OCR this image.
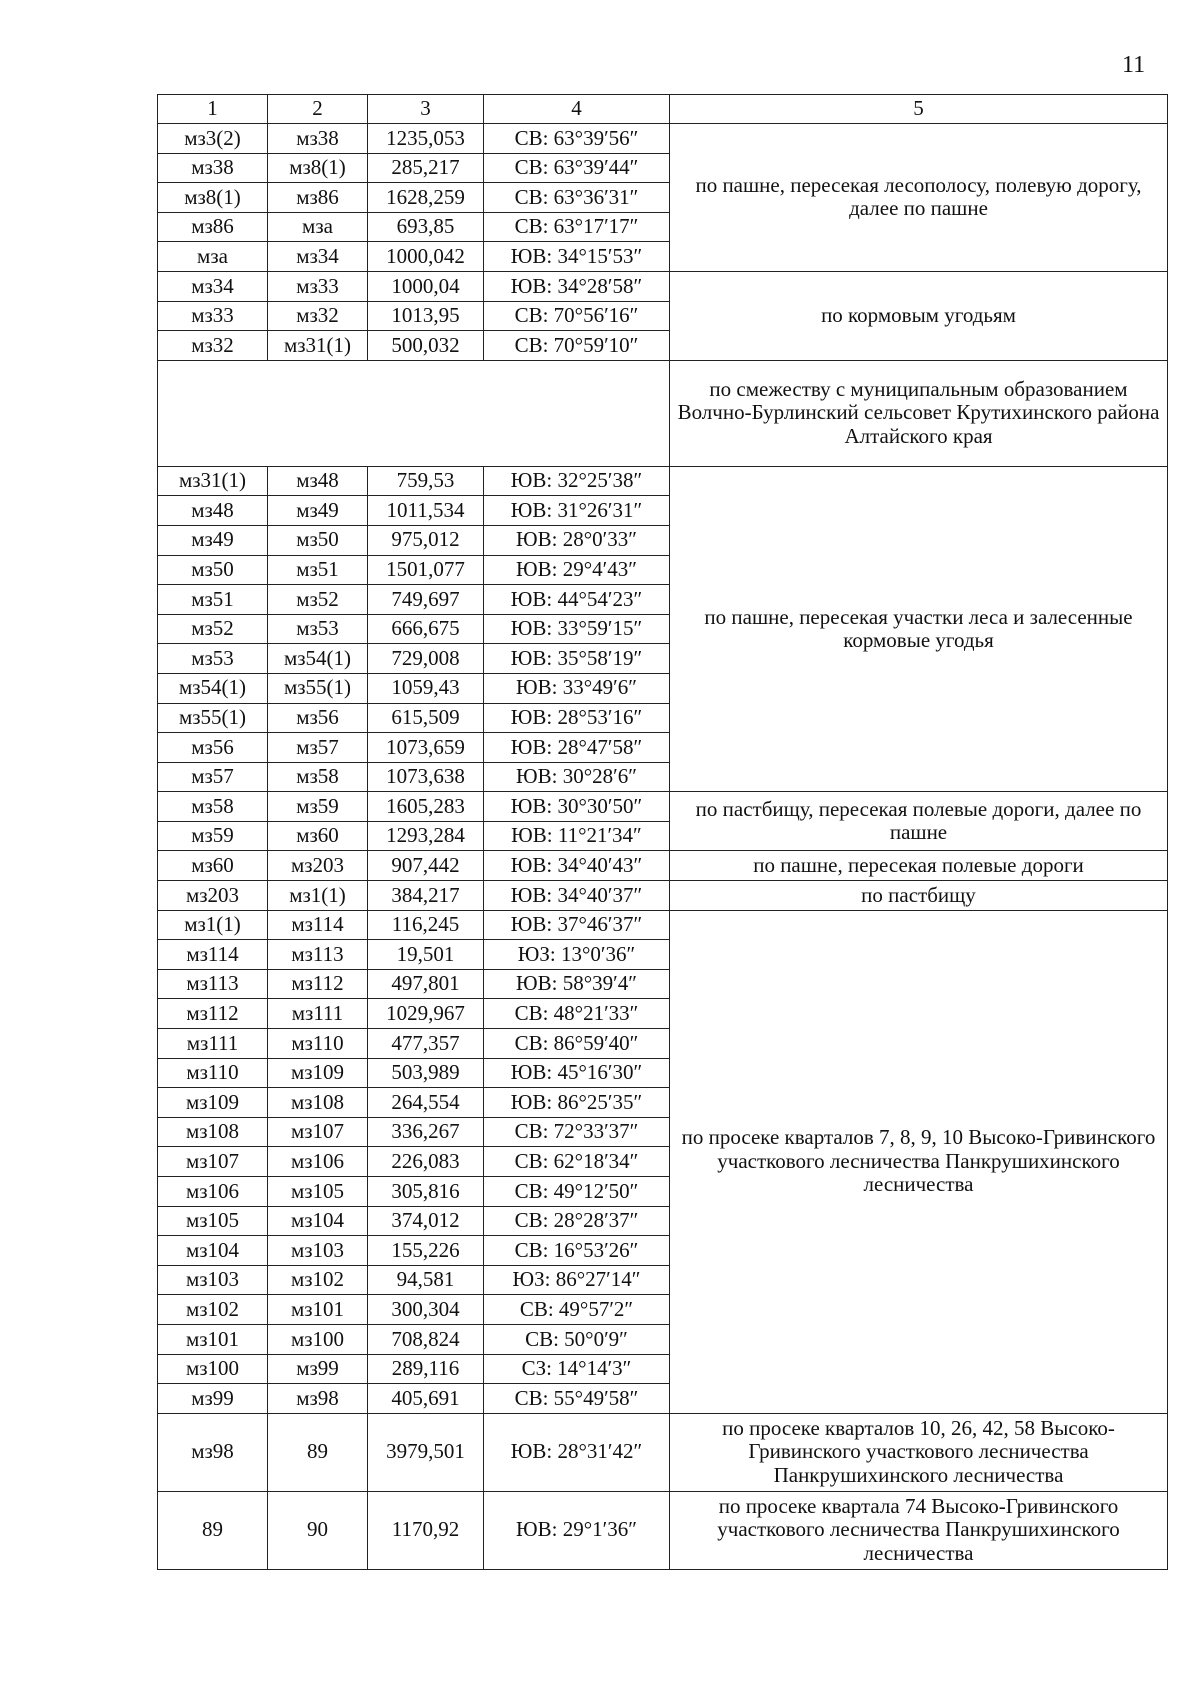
11
1	2	3	4	5
мз3(2)	мз38	1235,053	СВ: 63°39′56″	по пашне, пересекая лесополосу, полевую дорогу, далее по пашне
мз38	мз8(1)	285,217	СВ: 63°39′44″	
мз8(1)	мз86	1628,259	СВ: 63°36′31″	
мз86	мза	693,85	СВ: 63°17′17″	
мза	мз34	1000,042	ЮВ: 34°15′53″	
мз34	мз33	1000,04	ЮВ: 34°28′58″	по кормовым угодьям
мз33	мз32	1013,95	СВ: 70°56′16″	
мз32	мз31(1)	500,032	СВ: 70°59′10″	
				по смежеству с муниципальным образованием Волчно-Бурлинский сельсовет Крутихинского района Алтайского края
мз31(1)	мз48	759,53	ЮВ: 32°25′38″	по пашне, пересекая участки леса и залесенные кормовые угодья
мз48	мз49	1011,534	ЮВ: 31°26′31″	
мз49	мз50	975,012	ЮВ: 28°0′33″	
мз50	мз51	1501,077	ЮВ: 29°4′43″	
мз51	мз52	749,697	ЮВ: 44°54′23″	
мз52	мз53	666,675	ЮВ: 33°59′15″	
мз53	мз54(1)	729,008	ЮВ: 35°58′19″	
мз54(1)	мз55(1)	1059,43	ЮВ: 33°49′6″	
мз55(1)	мз56	615,509	ЮВ: 28°53′16″	
мз56	мз57	1073,659	ЮВ: 28°47′58″	
мз57	мз58	1073,638	ЮВ: 30°28′6″	
мз58	мз59	1605,283	ЮВ: 30°30′50″	по пастбищу, пересекая полевые дороги, далее по пашне
мз59	мз60	1293,284	ЮВ: 11°21′34″	
мз60	мз203	907,442	ЮВ: 34°40′43″	по пашне, пересекая полевые дороги
мз203	мз1(1)	384,217	ЮВ: 34°40′37″	по пастбищу
мз1(1)	мз114	116,245	ЮВ: 37°46′37″	по просеке кварталов 7, 8, 9, 10 Высоко-Гривинского участкового лесничества Панкрушихинского лесничества
мз114	мз113	19,501	ЮЗ: 13°0′36″	
мз113	мз112	497,801	ЮВ: 58°39′4″	
мз112	мз111	1029,967	СВ: 48°21′33″	
мз111	мз110	477,357	СВ: 86°59′40″	
мз110	мз109	503,989	ЮВ: 45°16′30″	
мз109	мз108	264,554	ЮВ: 86°25′35″	
мз108	мз107	336,267	СВ: 72°33′37″	
мз107	мз106	226,083	СВ: 62°18′34″	
мз106	мз105	305,816	СВ: 49°12′50″	
мз105	мз104	374,012	СВ: 28°28′37″	
мз104	мз103	155,226	СВ: 16°53′26″	
мз103	мз102	94,581	ЮЗ: 86°27′14″	
мз102	мз101	300,304	СВ: 49°57′2″	
мз101	мз100	708,824	СВ: 50°0′9″	
мз100	мз99	289,116	СЗ: 14°14′3″	
мз99	мз98	405,691	СВ: 55°49′58″	
мз98	89	3979,501	ЮВ: 28°31′42″	по просеке кварталов 10, 26, 42, 58 Высоко-Гривинского участкового лесничества Панкрушихинского лесничества
89	90	1170,92	ЮВ: 29°1′36″	по просеке квартала 74 Высоко-Гривинского участкового лесничества Панкрушихинского лесничества
